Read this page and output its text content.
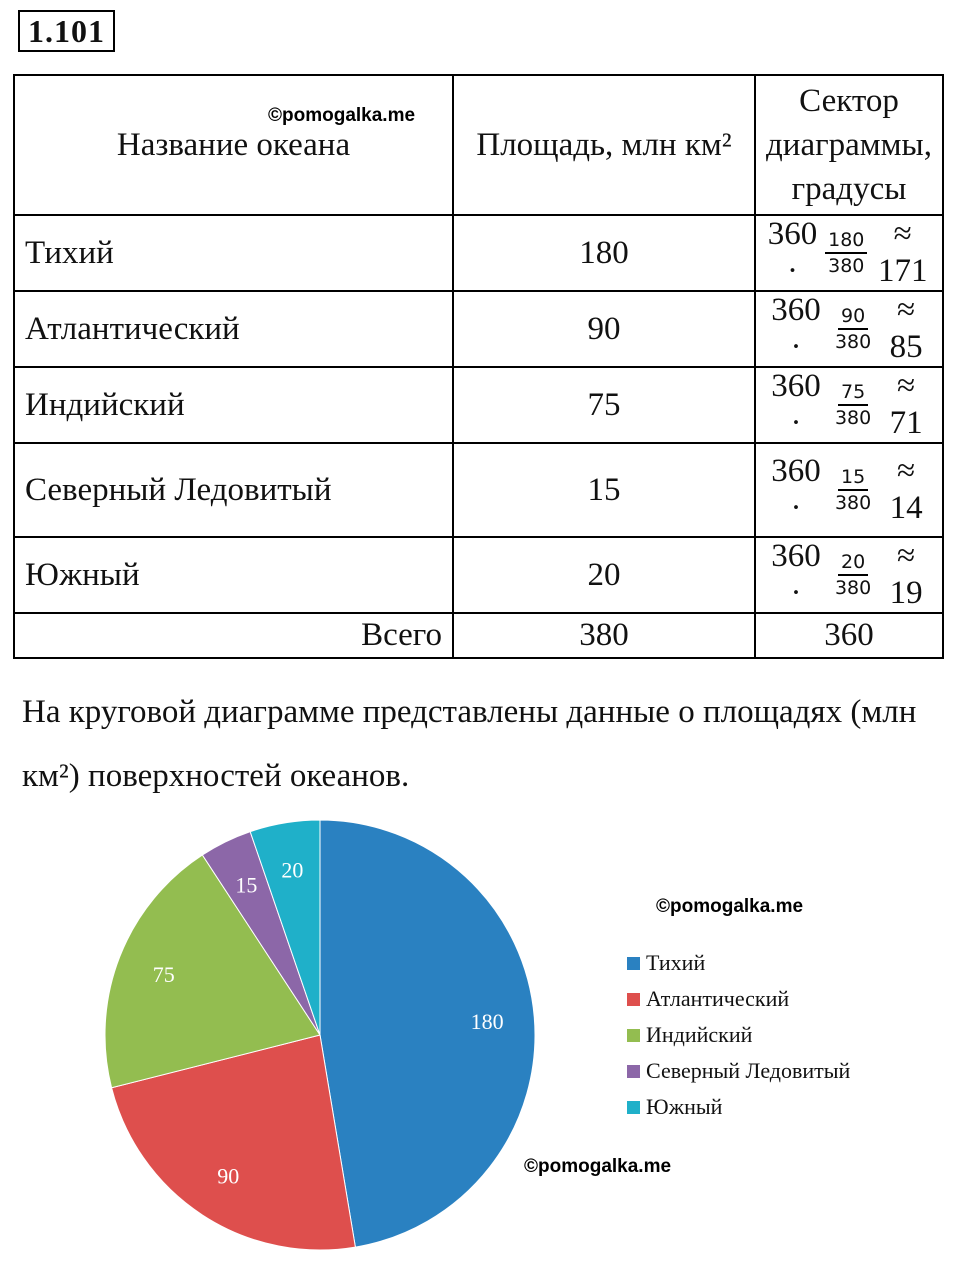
1.101
©pomogalka.me
Название океана	Площадь, млн км²	Сектор диаграммы, градусы
Тихий	180	$360 \cdot \frac{180}{380} \approx 171$

Атлантический	90	$360 \cdot \frac{90}{380} \approx 85$

Индийский	75	$360 \cdot \frac{75}{380} \approx 71$

Северный Ледовитый	15	$360 \cdot \frac{15}{380} \approx 14$

Южный	20	$360 \cdot \frac{20}{380} \approx 19$

Всего	380	360
На круговой диаграмме представлены данные о площадях (млн км²) поверхностей океанов.
180
90
75
15
20
©pomogalka.me
Тихий
Атлантический
Индийский
Северный Ледовитый
Южный
©pomogalka.me
